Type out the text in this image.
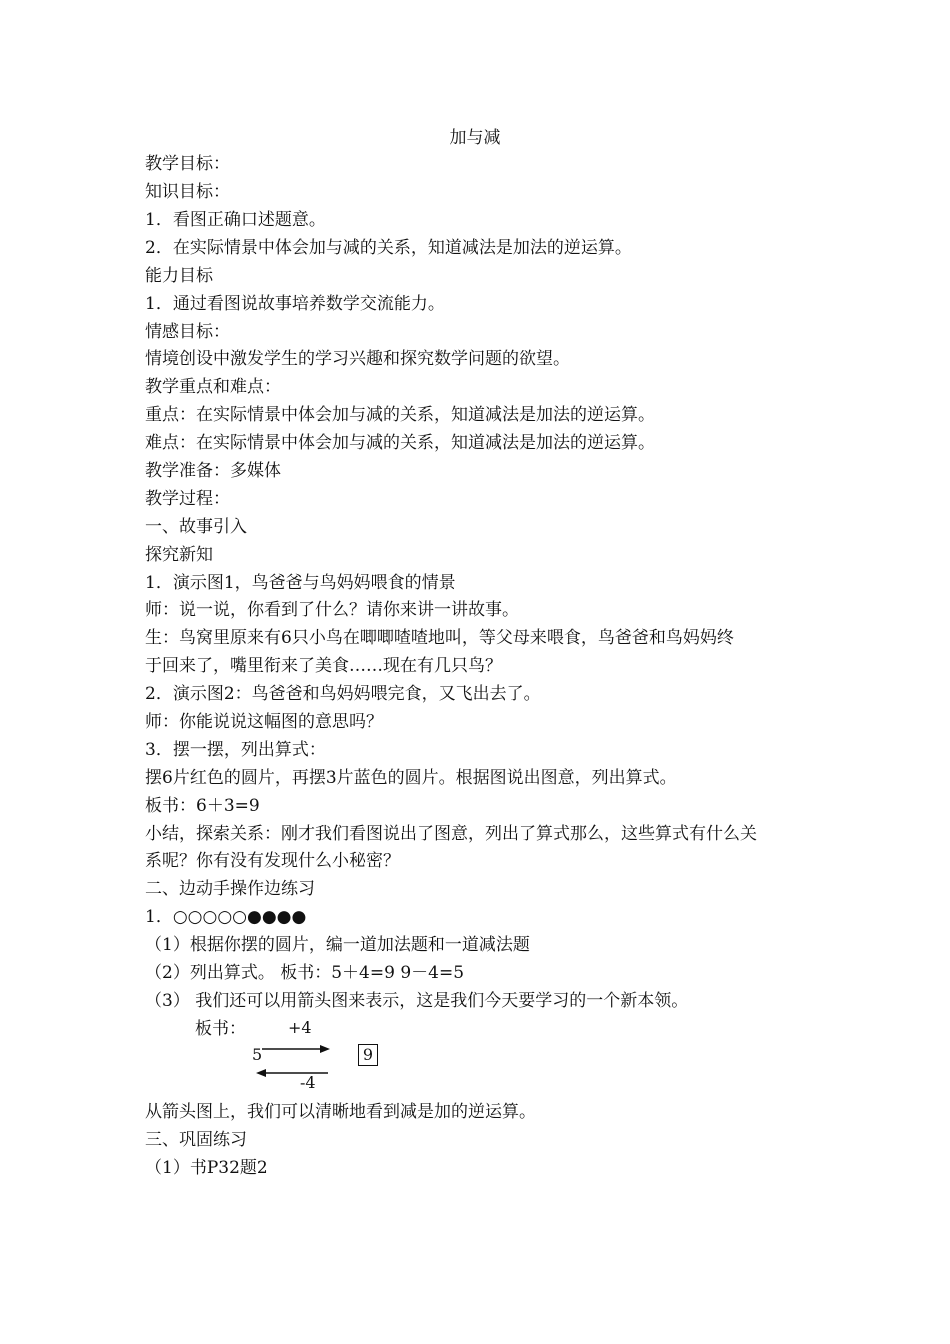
加与减
教学目标：
知识目标：
1．看图正确口述题意。
2．在实际情景中体会加与减的关系，知道减法是加法的逆运算。
能力目标
1．通过看图说故事培养数学交流能力。
情感目标：
情境创设中激发学生的学习兴趣和探究数学问题的欲望。
教学重点和难点：
重点：在实际情景中体会加与减的关系，知道减法是加法的逆运算。
难点：在实际情景中体会加与减的关系，知道减法是加法的逆运算。
教学准备：多媒体
教学过程：
一、故事引入
探究新知
1．演示图1，鸟爸爸与鸟妈妈喂食的情景
师：说一说，你看到了什么？请你来讲一讲故事。
生：鸟窝里原来有6只小鸟在唧唧喳喳地叫，等父母来喂食，鸟爸爸和鸟妈妈终
于回来了，嘴里衔来了美食……现在有几只鸟？
2．演示图2：鸟爸爸和鸟妈妈喂完食，又飞出去了。
师：你能说说这幅图的意思吗？
3．摆一摆，列出算式：
摆6片红色的圆片，再摆3片蓝色的圆片。根据图说出图意，列出算式。
板书：6＋3=9
小结，探索关系：刚才我们看图说出了图意，列出了算式那么，这些算式有什么关
系呢？你有没有发现什么小秘密？
二、边动手操作边练习
1．○○○○○●●●●
（1）根据你摆的圆片，编一道加法题和一道减法题
（2）列出算式。 板书：5＋4=9 9－4=5
（3） 我们还可以用箭头图来表示，这是我们今天要学习的一个新本领。
板书：	+4
5	9
-4
从箭头图上，我们可以清晰地看到减是加的逆运算。
三、巩固练习
（1）书P32题2
